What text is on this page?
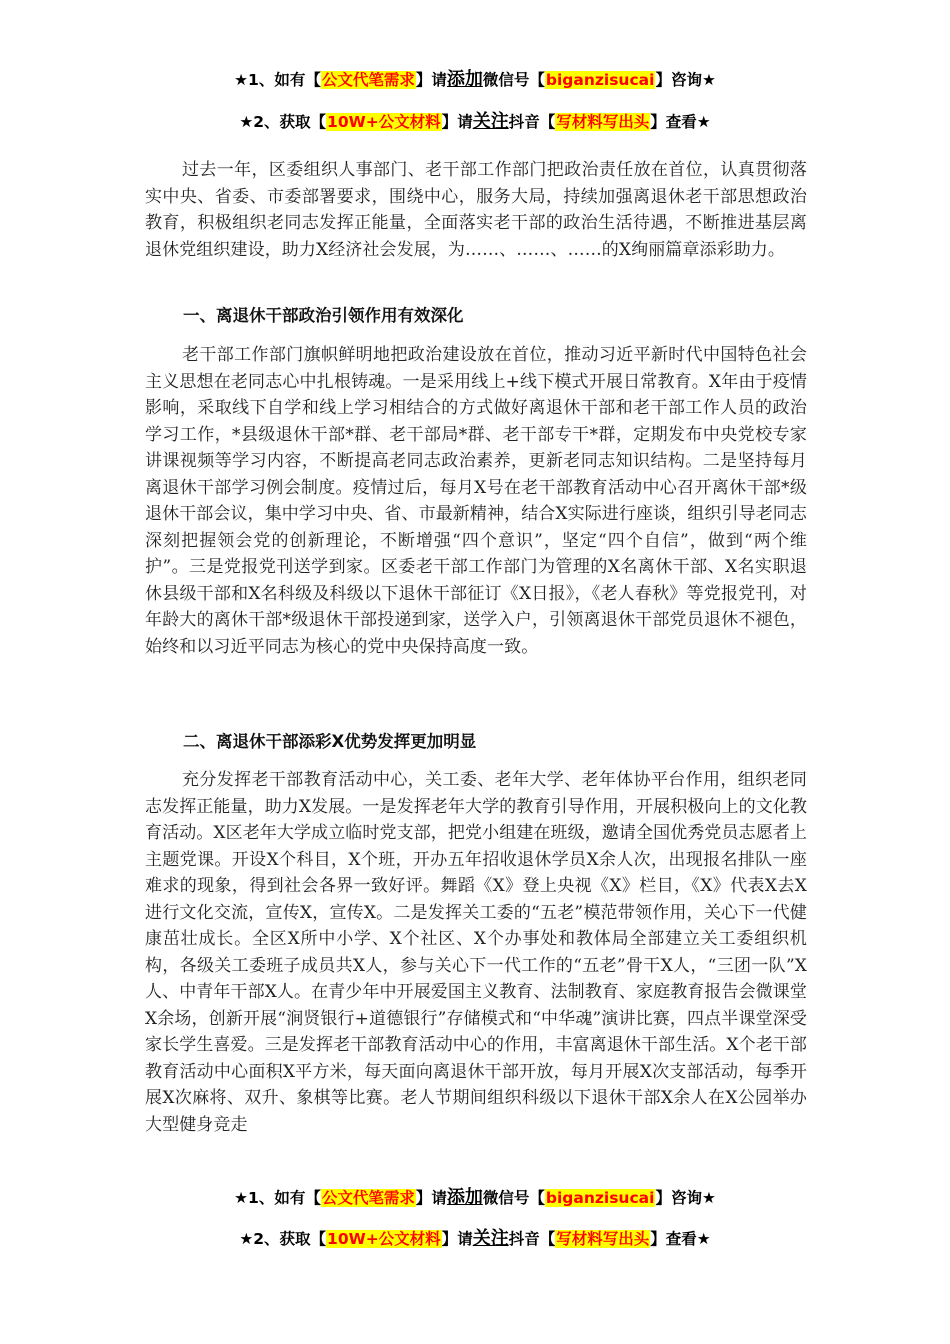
★1、如有【公文代笔需求】请添加微信号【biganzisucai】咨询★
★2、获取【10W+公文材料】请关注抖音【写材料写出头】查看★

过去一年，区委组织人事部门、老干部工作部门把政治责任放在首位，认真贯彻落实中央、省委、市委部署要求，围绕中心，服务大局，持续加强离退休老干部思想政治教育，积极组织老同志发挥正能量，全面落实老干部的政治生活待遇，不断推进基层离退休党组织建设，助力X经济社会发展，为……、……、……的X绚丽篇章添彩助力。

一、离退休干部政治引领作用有效深化

老干部工作部门旗帜鲜明地把政治建设放在首位，推动习近平新时代中国特色社会主义思想在老同志心中扎根铸魂。一是采用线上+线下模式开展日常教育。X年由于疫情影响，采取线下自学和线上学习相结合的方式做好离退休干部和老干部工作人员的政治学习工作，*县级退休干部*群、老干部局*群、老干部专干*群，定期发布中央党校专家讲课视频等学习内容，不断提高老同志政治素养，更新老同志知识结构。二是坚持每月离退休干部学习例会制度。疫情过后，每月X号在老干部教育活动中心召开离休干部*级退休干部会议，集中学习中央、省、市最新精神，结合X实际进行座谈，组织引导老同志深刻把握领会党的创新理论，不断增强“四个意识”，坚定“四个自信”，做到“两个维护”。三是党报党刊送学到家。区委老干部工作部门为管理的X名离休干部、X名实职退休县级干部和X名科级及科级以下退休干部征订《X日报》，《老人春秋》等党报党刊，对年龄大的离休干部*级退休干部投递到家，送学入户，引领离退休干部党员退休不褪色，始终和以习近平同志为核心的党中央保持高度一致。

二、离退休干部添彩X优势发挥更加明显

充分发挥老干部教育活动中心，关工委、老年大学、老年体协平台作用，组织老同志发挥正能量，助力X发展。一是发挥老年大学的教育引导作用，开展积极向上的文化教育活动。X区老年大学成立临时党支部，把党小组建在班级，邀请全国优秀党员志愿者上主题党课。开设X个科目，X个班，开办五年招收退休学员X余人次，出现报名排队一座难求的现象，得到社会各界一致好评。舞蹈《X》登上央视《X》栏目，《X》代表X去X进行文化交流，宣传X，宣传X。二是发挥关工委的“五老”模范带领作用，关心下一代健康茁壮成长。全区X所中小学、X个社区、X个办事处和教体局全部建立关工委组织机构，各级关工委班子成员共X人，参与关心下一代工作的“五老”骨干X人，“三团一队”X人、中青年干部X人。在青少年中开展爱国主义教育、法制教育、家庭教育报告会微课堂X余场，创新开展“涧贤银行+道德银行”存储模式和“中华魂”演讲比赛，四点半课堂深受家长学生喜爱。三是发挥老干部教育活动中心的作用，丰富离退休干部生活。X个老干部教育活动中心面积X平方米，每天面向离退休干部开放，每月开展X次支部活动，每季开展X次麻将、双升、象棋等比赛。老人节期间组织科级以下退休干部X余人在X公园举办大型健身竞走

★1、如有【公文代笔需求】请添加微信号【biganzisucai】咨询★
★2、获取【10W+公文材料】请关注抖音【写材料写出头】查看★
